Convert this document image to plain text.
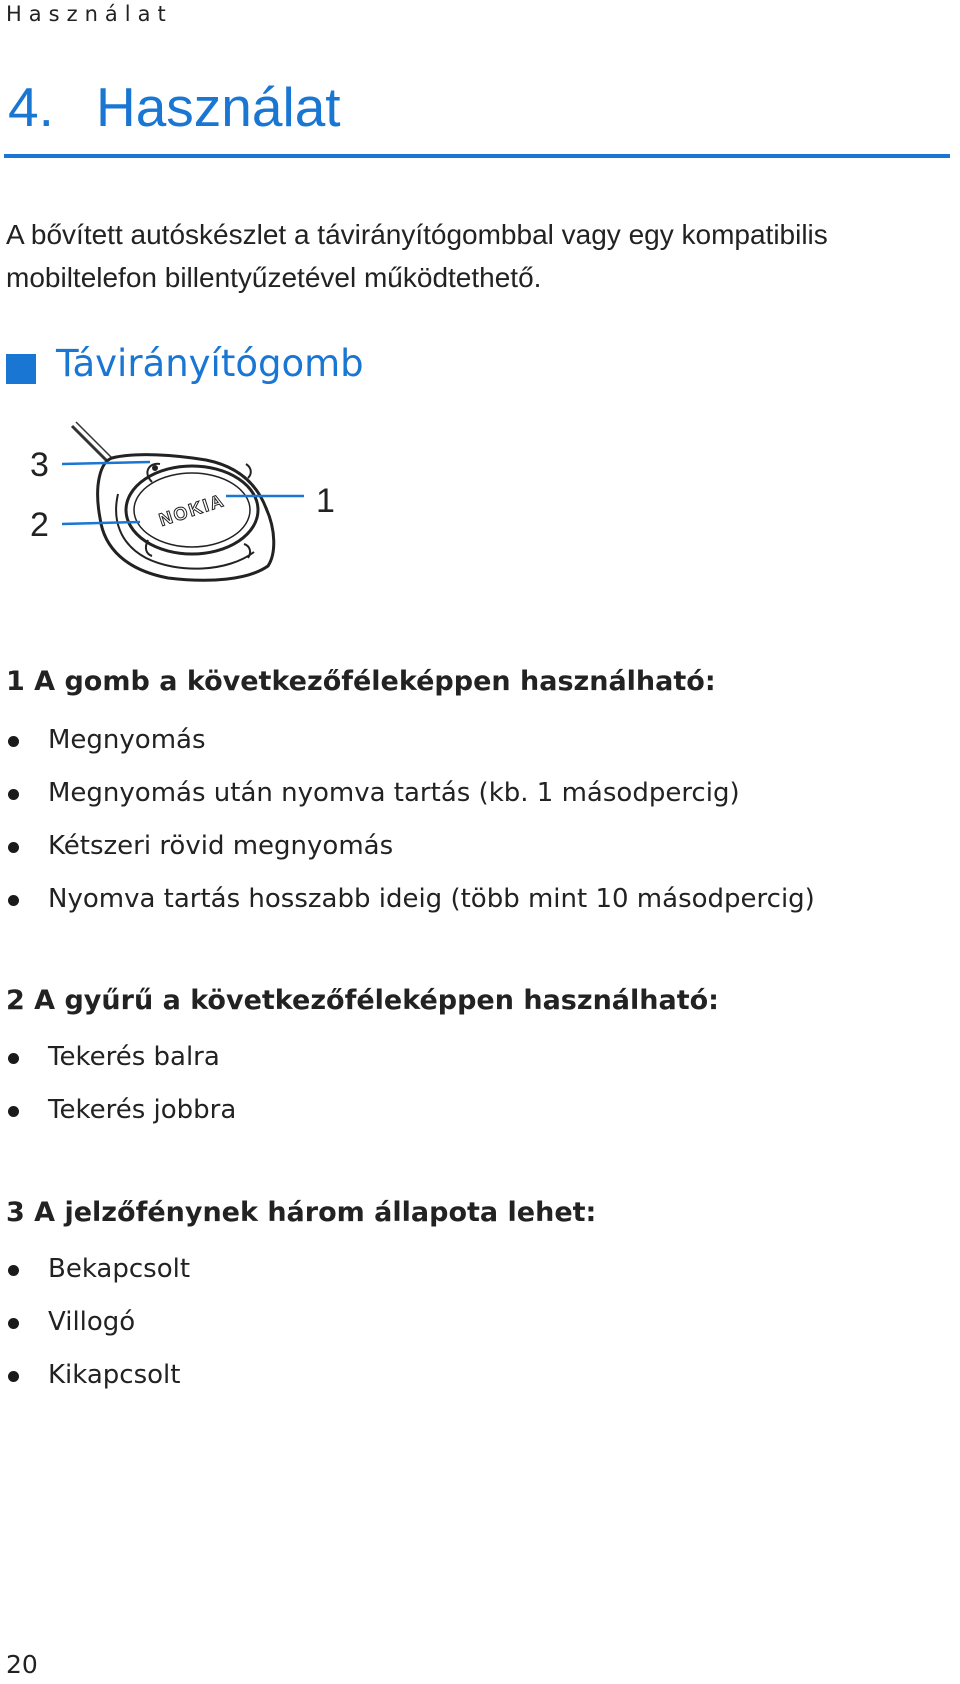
Használat
4. Használat

A bővített autóskészlet a távirányítógombbal vagy egy kompatibilis mobiltelefon billentyűzetével működtethető.

Távirányítógomb
NOKIA
3
2
1
1 A gomb a következőféleképpen használható:
Megnyomás
Megnyomás után nyomva tartás (kb. 1 másodpercig)
Kétszeri rövid megnyomás
Nyomva tartás hosszabb ideig (több mint 10 másodpercig)
2 A gyűrű a következőféleképpen használható:
Tekerés balra
Tekerés jobbra
3 A jelzőfénynek három állapota lehet:
Bekapcsolt
Villogó
Kikapcsolt
20
